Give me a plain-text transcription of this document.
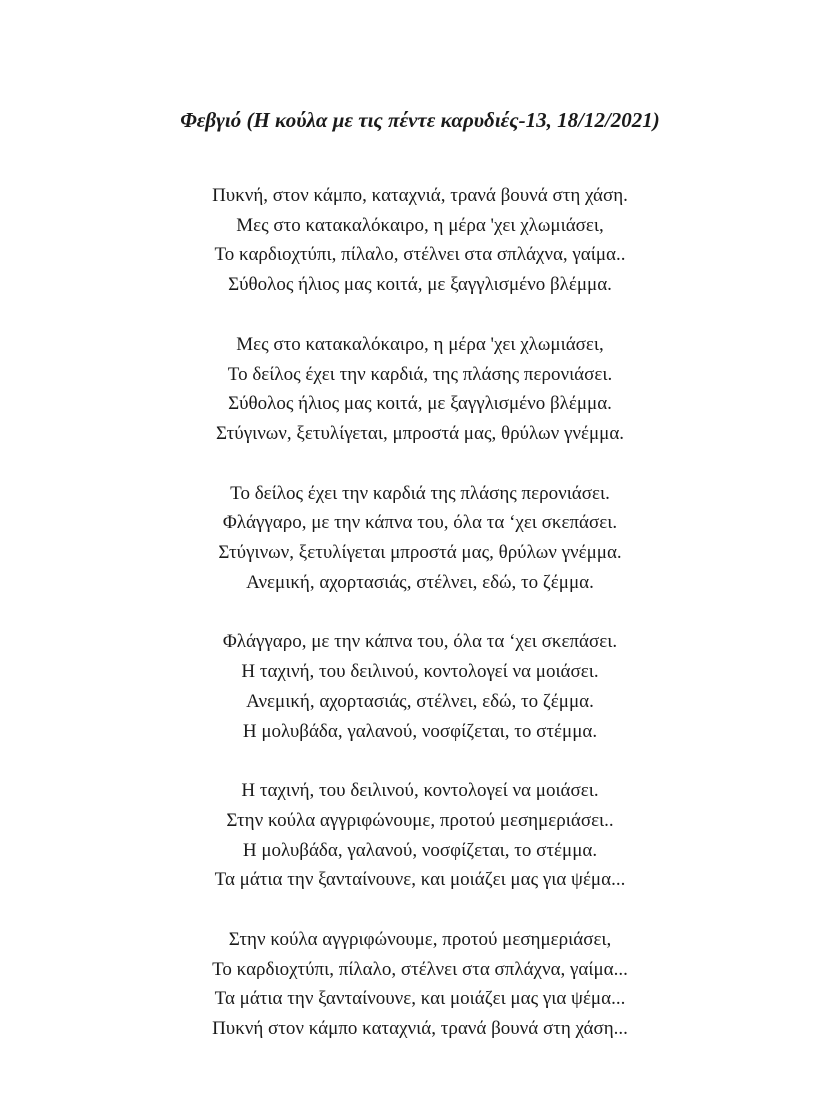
Φεβγιό (Η κούλα με τις πέντε καρυδιές-13, 18/12/2021)
Πυκνή, στον κάμπο, καταχνιά, τρανά βουνά στη χάση.
Μες στο κατακαλόκαιρο, η μέρα 'χει χλωμιάσει,
Το καρδιοχτύπι, πίλαλο, στέλνει στα σπλάχνα, γαίμα..
Σύθολος ήλιος μας κοιτά, με ξαγγλισμένο βλέμμα.
Μες στο κατακαλόκαιρο, η μέρα 'χει χλωμιάσει,
Το δείλος έχει την καρδιά, της πλάσης περονιάσει.
Σύθολος ήλιος μας κοιτά, με ξαγγλισμένο βλέμμα.
Στύγινων, ξετυλίγεται, μπροστά μας, θρύλων γνέμμα.
Το δείλος έχει την καρδιά της πλάσης περονιάσει.
Φλάγγαρο, με την κάπνα του, όλα τα ‘χει σκεπάσει.
Στύγινων, ξετυλίγεται μπροστά μας, θρύλων γνέμμα.
Ανεμική, αχορτασιάς, στέλνει, εδώ, το ζέμμα.
Φλάγγαρο, με την κάπνα του, όλα τα ‘χει σκεπάσει.
Η ταχινή, του δειλινού, κοντολογεί να μοιάσει.
Ανεμική, αχορτασιάς, στέλνει, εδώ, το ζέμμα.
Η μολυβάδα, γαλανού, νοσφίζεται, το στέμμα.
Η ταχινή, του δειλινού, κοντολογεί να μοιάσει.
Στην κούλα αγγριφώνουμε, προτού μεσημεριάσει..
Η μολυβάδα, γαλανού, νοσφίζεται, το στέμμα.
Τα μάτια την ξανταίνουνε, και μοιάζει μας για ψέμα...
Στην κούλα αγγριφώνουμε, προτού μεσημεριάσει,
Το καρδιοχτύπι, πίλαλο, στέλνει στα σπλάχνα, γαίμα...
Τα μάτια την ξανταίνουνε, και μοιάζει μας για ψέμα...
Πυκνή στον κάμπο καταχνιά, τρανά βουνά στη χάση...
